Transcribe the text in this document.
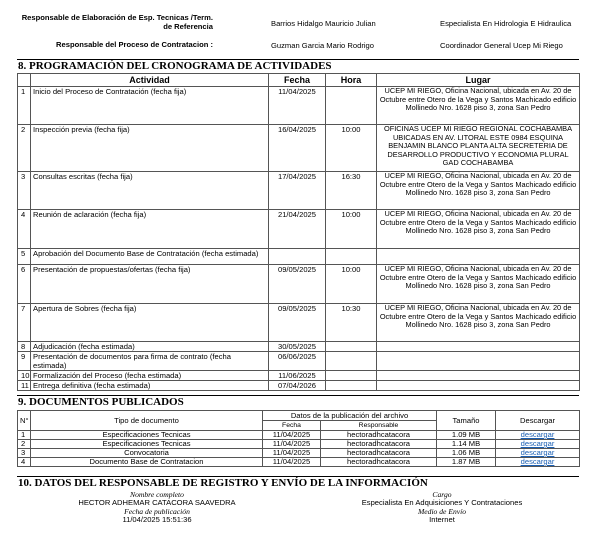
Responsable de Elaboración de Esp. Tecnicas /Term. de Referencia	Barrios Hidalgo Mauricio Julian	Especialista En Hidrologia E Hidraulica
Responsable del Proceso de Contratacion :	Guzman Garcia Mario Rodrigo	Coordinador General Ucep Mi Riego
8. PROGRAMACIÓN DEL CRONOGRAMA DE ACTIVIDADES
	Actividad	Fecha	Hora	Lugar
1	Inicio del Proceso de Contratación (fecha fija)	11/04/2025		UCEP MI RIEGO, Oficina Nacional, ubicada en Av. 20 de Octubre entre Otero de la Vega y Santos Machicado edificio Mollinedo Nro. 1628 piso 3, zona San Pedro
2	Inspección previa (fecha fija)	16/04/2025	10:00	OFICINAS UCEP MI RIEGO REGIONAL COCHABAMBA UBICADAS EN AV. LITORAL ESTE 0984 ESQUINA BENJAMIN BLANCO PLANTA ALTA SECRETERIA DE DESARROLLO PRODUCTIVO Y ECONOMIA PLURAL GAD COCHABAMBA
3	Consultas escritas (fecha fija)	17/04/2025	16:30	UCEP MI RIEGO, Oficina Nacional, ubicada en Av. 20 de Octubre entre Otero de la Vega y Santos Machicado edificio Mollinedo Nro. 1628 piso 3, zona San Pedro
4	Reunión de aclaración (fecha fija)	21/04/2025	10:00	UCEP MI RIEGO, Oficina Nacional, ubicada en Av. 20 de Octubre entre Otero de la Vega y Santos Machicado edificio Mollinedo Nro. 1628 piso 3, zona San Pedro
5	Aprobación del Documento Base de Contratación (fecha estimada)			
6	Presentación de propuestas/ofertas (fecha fija)	09/05/2025	10:00	UCEP MI RIEGO, Oficina Nacional, ubicada en Av. 20 de Octubre entre Otero de la Vega y Santos Machicado edificio Mollinedo Nro. 1628 piso 3, zona San Pedro
7	Apertura de Sobres (fecha fija)	09/05/2025	10:30	UCEP MI RIEGO, Oficina Nacional, ubicada en Av. 20 de Octubre entre Otero de la Vega y Santos Machicado edificio Mollinedo Nro. 1628 piso 3, zona San Pedro
8	Adjudicación (fecha estimada)	30/05/2025		
9	Presentación de documentos para firma de contrato (fecha estimada)	06/06/2025		
10	Formalización del Proceso (fecha estimada)	11/06/2025		
11	Entrega definitiva (fecha estimada)	07/04/2026		
9. DOCUMENTOS PUBLICADOS
N°	Tipo de documento	Datos de la publicación del archivo		Tamaño	Descargar
		Fecha	Responsable		
1	Especificaciones Tecnicas	11/04/2025	hectoradhcatacora	1.09 MB	descargar
2	Especificaciones Tecnicas	11/04/2025	hectoradhcatacora	1.14 MB	descargar
3	Convocatoria	11/04/2025	hectoradhcatacora	1.06 MB	descargar
4	Documento Base de Contratacion	11/04/2025	hectoradhcatacora	1.87 MB	descargar
10. DATOS DEL RESPONSABLE DE REGISTRO Y ENVÍO DE LA INFORMACIÓN
Nombre completo
HECTOR ADHEMAR CATACORA SAAVEDRA
Fecha de publicación
11/04/2025 15:51:36
Cargo
Especialista En Adquisiciones Y Contrataciones
Medio de Envío
Internet
